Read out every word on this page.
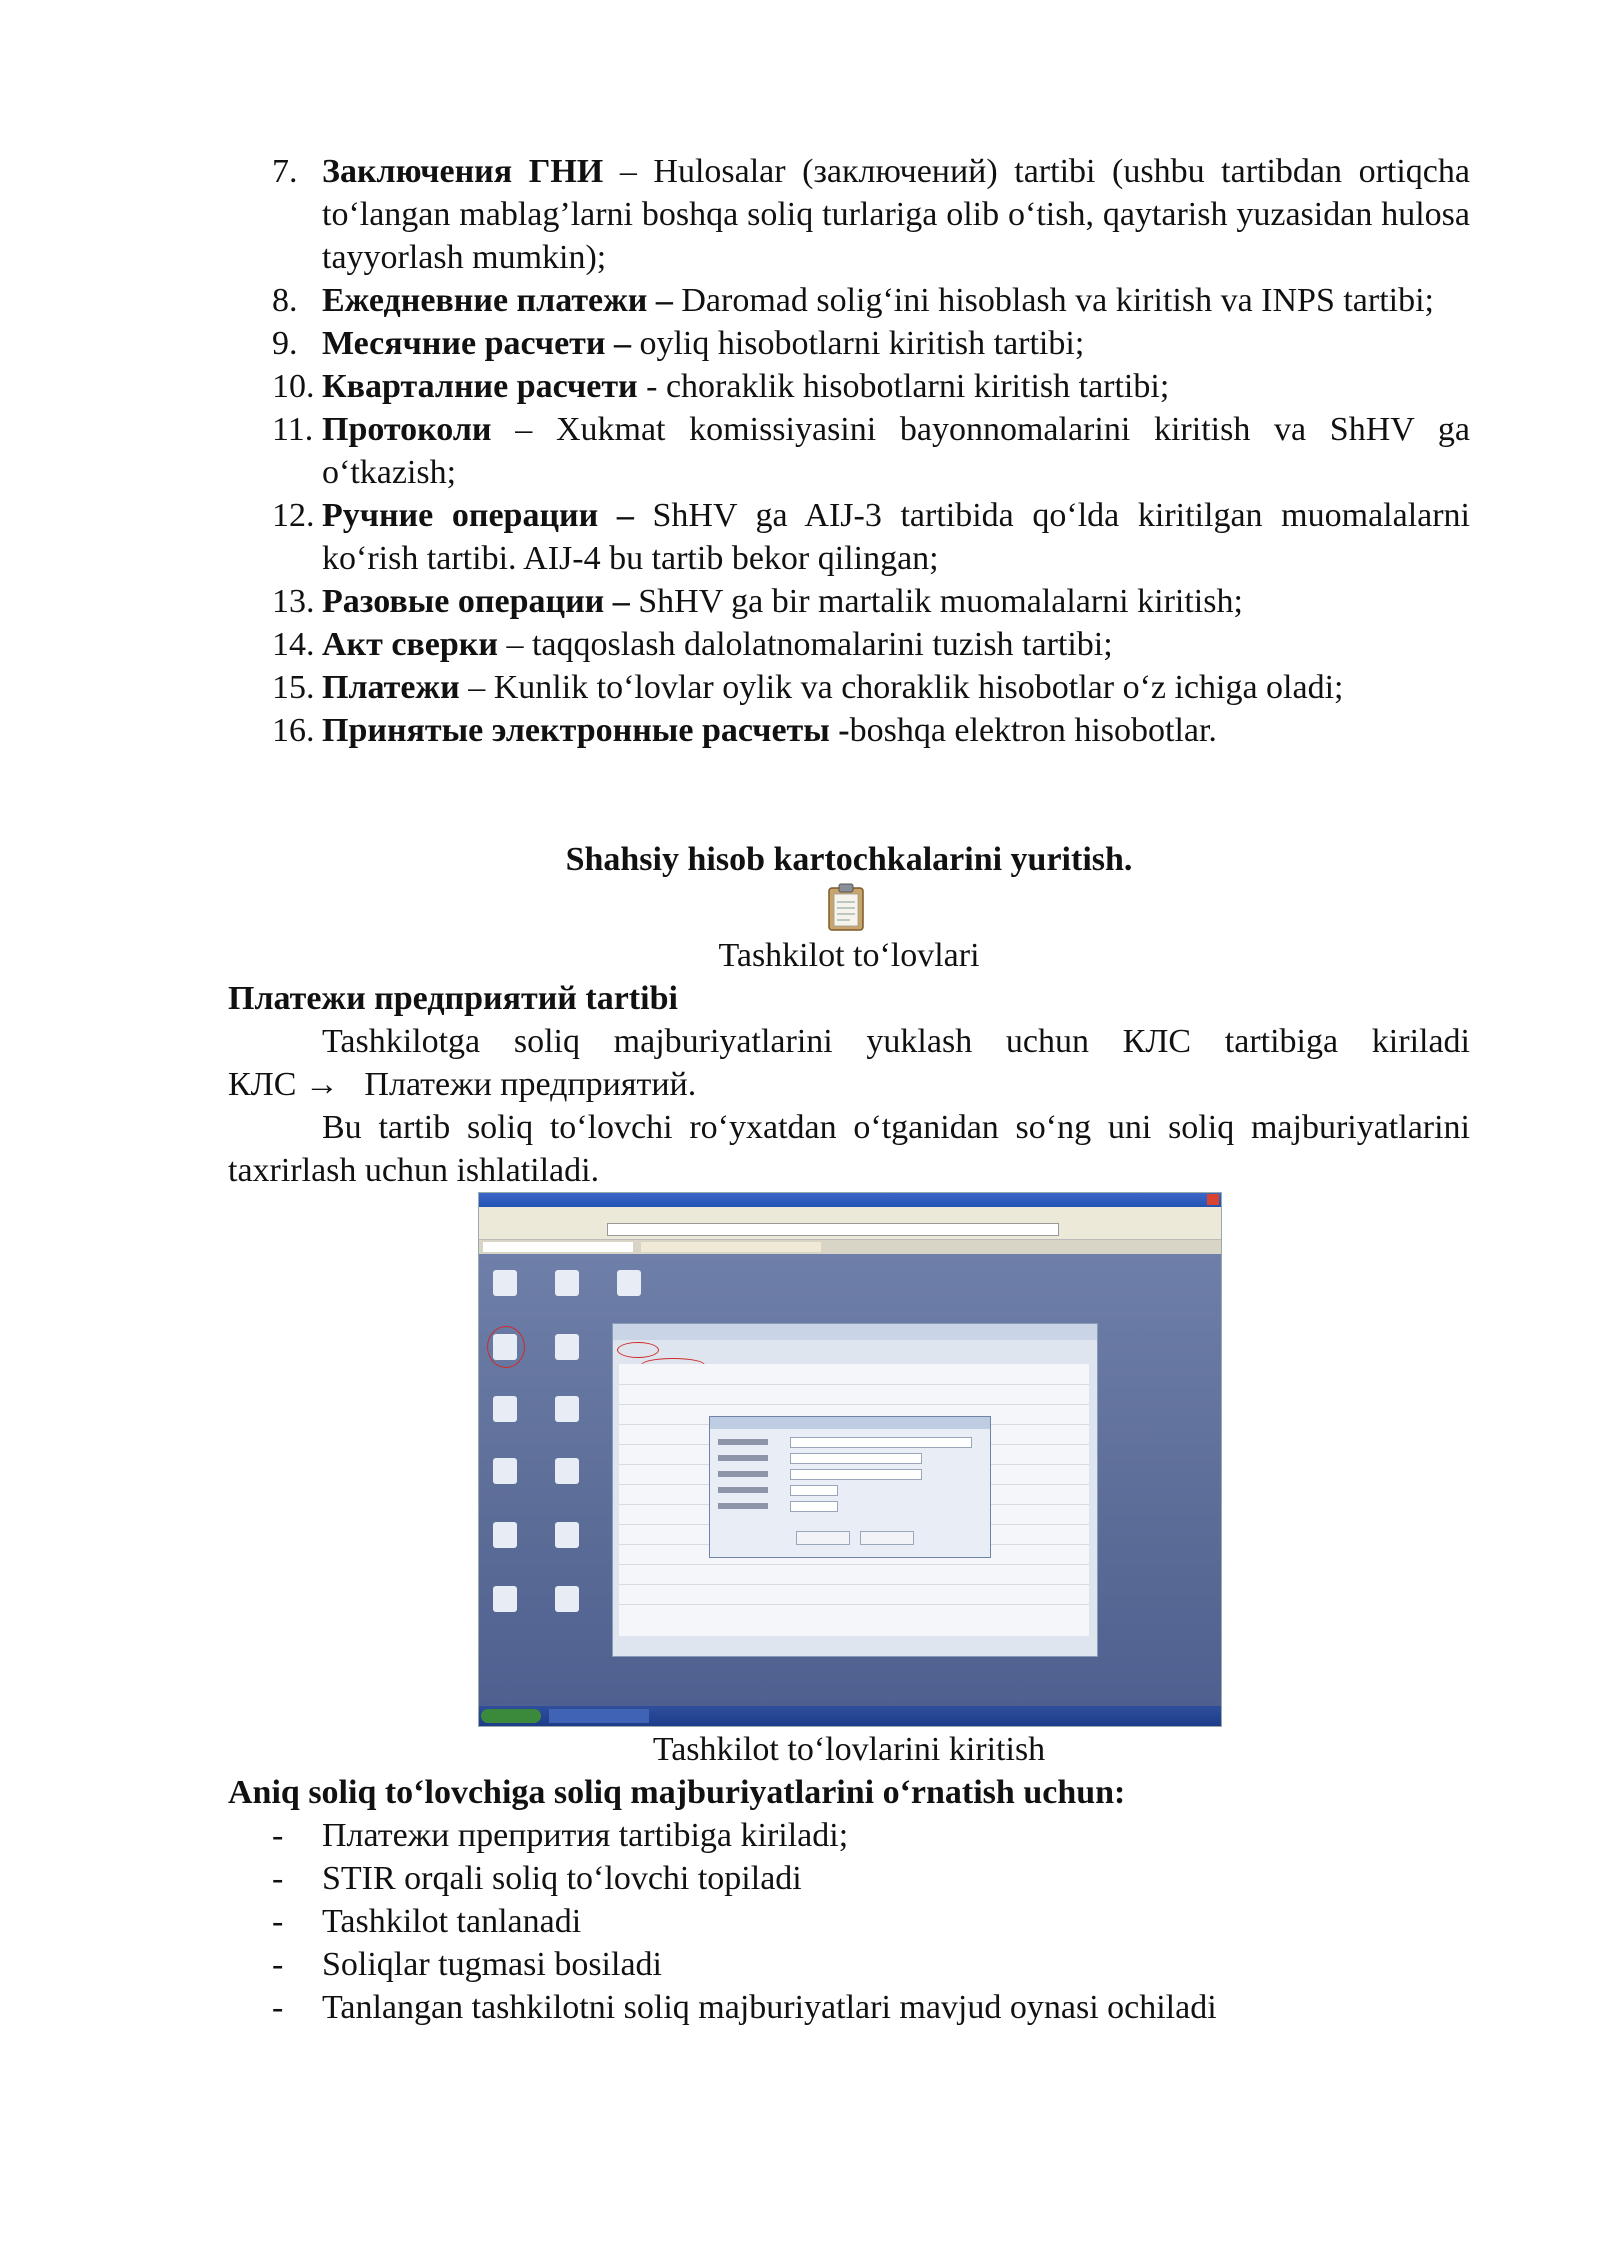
7. Заключения ГНИ – Hulosalar (заключений) tartibi (ushbu tartibdan ortiqcha to‘langan mablag’larni boshqa soliq turlariga olib o‘tish, qaytarish yuzasidan hulosa tayyorlash mumkin);
8. Ежедневние платежи – Daromad solig‘ini hisoblash va kiritish va INPS tartibi;
9. Месячние расчети – oyliq hisobotlarni kiritish tartibi;
10. Кварталние расчети - choraklik hisobotlarni kiritish tartibi;
11. Протоколи – Xukmat komissiyasini bayonnomalarini kiritish va ShHV ga o‘tkazish;
12. Ручние операции – ShHV ga AIJ-3 tartibida qo‘lda kiritilgan muomalalarni ko‘rish tartibi. AIJ-4 bu tartib bekor qilingan;
13. Разовые операции – ShHV ga bir martalik muomalalarni kiritish;
14. Акт сверки – taqqoslash dalolatnomalarini tuzish tartibi;
15. Платежи – Kunlik to‘lovlar oylik va choraklik hisobotlar o‘z ichiga oladi;
16. Принятые электронные расчеты -boshqa elektron hisobotlar.
Shahsiy hisob kartochkalarini yuritish.
Tashkilot to‘lovlari
Платежи предприятий tartibi
Tashkilotga soliq majburiyatlarini yuklash uchun КЛС tartibiga kiriladi
КЛС → Платежи предприятий.
Bu tartib soliq to‘lovchi ro‘yxatdan o‘tganidan so‘ng uni soliq majburiyatlarini taxrirlash uchun ishlatiladi.
Tashkilot to‘lovlarini kiritish
Aniq soliq to‘lovchiga soliq majburiyatlarini o‘rnatish uchun:
- Платежи препрития tartibiga kiriladi;
- STIR orqali soliq to‘lovchi topiladi
- Tashkilot tanlanadi
- Soliqlar tugmasi bosiladi
- Tanlangan tashkilotni soliq majburiyatlari mavjud oynasi ochiladi
